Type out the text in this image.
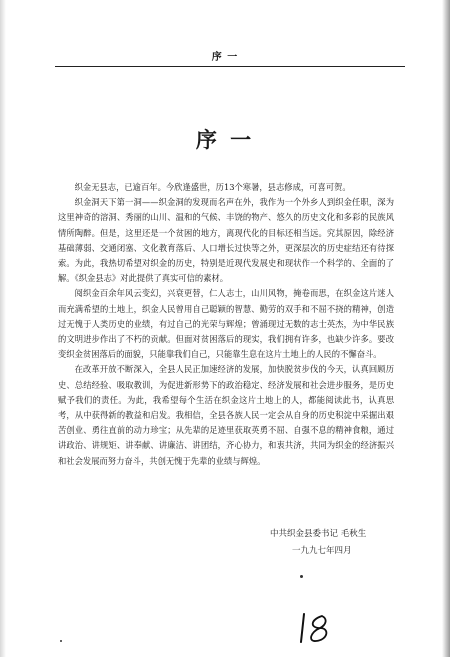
序 一
序 一

织金无县志，已逾百年。今欣逢盛世，历13个寒暑，县志修成，可喜可贺。

织金洞天下第一洞——织金洞的发现而名声在外，我作为一个外乡人到织金任职，深为这里神奇的溶洞、秀丽的山川、温和的气候、丰饶的物产、悠久的历史文化和多彩的民族风情所陶醉。但是，这里还是一个贫困的地方，离现代化的目标还相当远。究其原因，除经济基础薄弱、交通闭塞、文化教育落后、人口增长过快等之外，更深层次的历史症结还有待探索。为此，我热切希望对织金的历史，特别是近现代发展史和现状作一个科学的、全面的了解。《织金县志》对此提供了真实可信的素材。

阅织金百余年风云变幻，兴衰更替，仁人志士，山川风物，掩卷而思，在织金这片迷人而充满希望的土地上，织金人民曾用自己聪颖的智慧、勤劳的双手和不屈不挠的精神，创造过无愧于人类历史的业绩，有过自己的光荣与辉煌；曾涌现过无数的志士英杰，为中华民族的文明进步作出了不朽的贡献。但面对贫困落后的现实，我们拥有许多，也缺少许多。要改变织金贫困落后的面貌，只能靠我们自己，只能靠生息在这片土地上的人民的不懈奋斗。

在改革开放不断深入，全县人民正加速经济的发展，加快脱贫步伐的今天，认真回顾历史、总结经验、吸取教训，为促进新形势下的政治稳定、经济发展和社会进步服务，是历史赋予我们的责任。为此，我希望每个生活在织金这片土地上的人，都能阅读此书，认真思考，从中获得新的教益和启发。我相信，全县各族人民一定会从自身的历史积淀中采掘出艰苦创业、勇往直前的动力珍宝；从先辈的足迹里获取英勇不屈、自强不息的精神食粮，通过讲政治、讲规矩、讲奉献、讲廉洁、讲团结，齐心协力，和衷共济，共同为织金的经济振兴和社会发展而努力奋斗，共创无愧于先辈的业绩与辉煌。

中共织金县委书记 毛秋生
一九九七年四月
